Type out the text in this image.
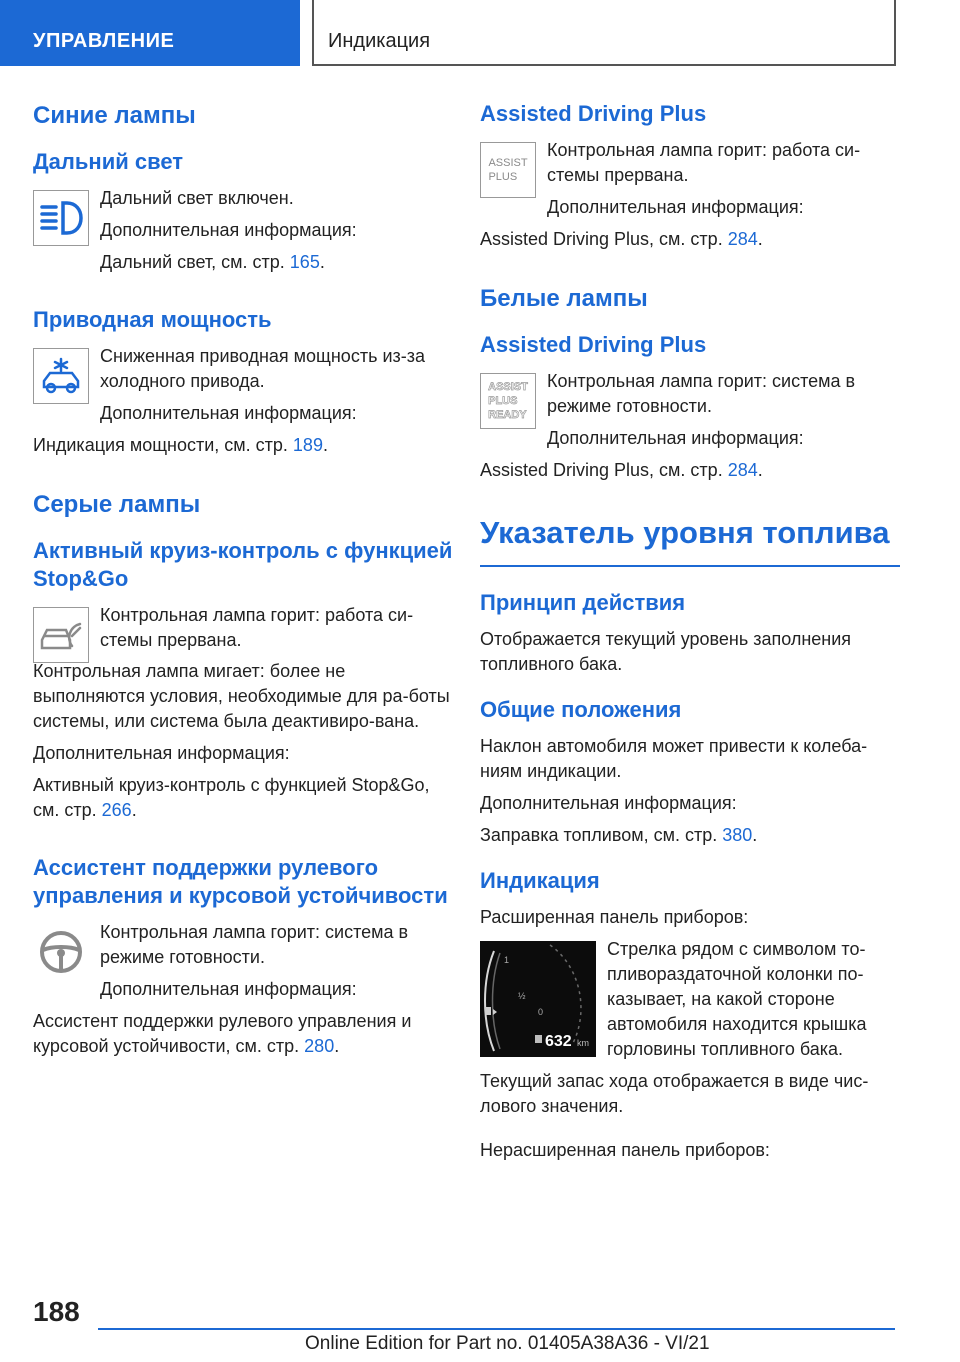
УПРАВЛЕНИЕ	Индикация
Синие лампы
Дальний свет

Дальний свет включен.

Дополнительная информация:

Дальний свет, см. стр. 165.

Приводная мощность

Сниженная приводная мощность из-за холодного привода.

Дополнительная информация:

Индикация мощности, см. стр. 189.

Серые лампы
Активный круиз-контроль с функцией Stop&Go

Контрольная лампа горит: работа си-стемы прервана.

Контрольная лампа мигает: более не выполняются условия, необходимые для ра-боты системы, или система была деактивиро-вана.

Дополнительная информация:

Активный круиз-контроль с функцией Stop&Go, см. стр. 266.

Ассистент поддержки рулевого управления и курсовой устойчивости

Контрольная лампа горит: система в режиме готовности.

Дополнительная информация:

Ассистент поддержки рулевого управления и курсовой устойчивости, см. стр. 280.

Assisted Driving Plus
ASSIST
PLUS

Контрольная лампа горит: работа си-стемы прервана.

Дополнительная информация:

Assisted Driving Plus, см. стр. 284.

Белые лампы
Assisted Driving Plus
ASSIST
PLUS
READY

Контрольная лампа горит: система в режиме готовности.

Дополнительная информация:

Assisted Driving Plus, см. стр. 284.

Указатель уровня топлива
Принцип действия

Отображается текущий уровень заполнения топливного бака.

Общие положения

Наклон автомобиля может привести к колеба-ниям индикации.

Дополнительная информация:

Заправка топливом, см. стр. 380.

Индикация

Расширенная панель приборов:

1
½
0
632 km

Стрелка рядом с символом то-пливораздаточной колонки по-казывает, на какой стороне автомобиля находится крышка горловины топливного бака.

Текущий запас хода отображается в виде чис-лового значения.

Нерасширенная панель приборов:

188
Online Edition for Part no. 01405A38A36 - VI/21
